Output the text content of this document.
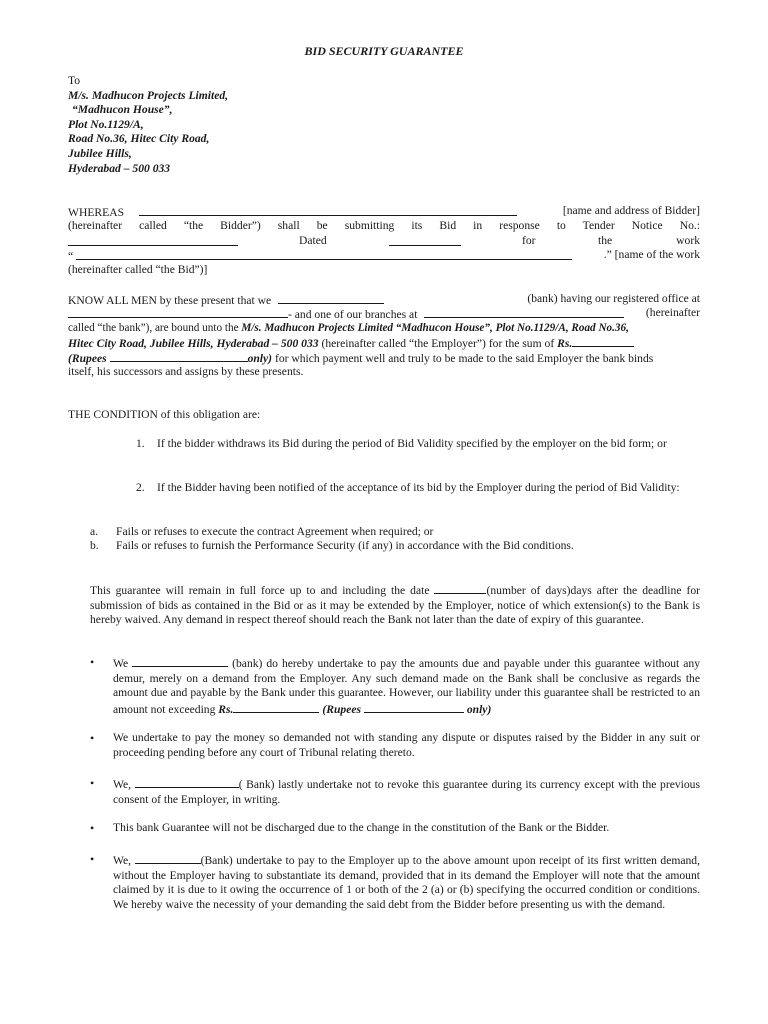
BID SECURITY GUARANTEE
To
M/s. Madhucon Projects Limited,
“Madhucon House”,
Plot No.1129/A,
Road No.36, Hitec City Road,
Jubilee Hills,
Hyderabad – 500 033
WHEREAS	[name and address of Bidder]
(hereinafter called “the Bidder”) shall be submitting its Bid in response to Tender Notice No.:
Dated	for	the	work
“	.” [name of the work
(hereinafter called “the Bid”)]
KNOW ALL MEN by these present that we	(bank) having our registered office at
- and one of our branches at	(hereinafter
called “the bank”), are bound unto the M/s. Madhucon Projects Limited “Madhucon House”, Plot No.1129/A, Road No.36,
Hitec City Road, Jubilee Hills, Hyderabad – 500 033 (hereinafter called “the Employer”) for the sum of Rs.
(Rupees	only) for which payment well and truly to be made to the said Employer the bank binds
itself, his successors and assigns by these presents.
THE CONDITION of this obligation are:
1. If the bidder withdraws its Bid during the period of Bid Validity specified by the employer on the bid form; or
2. If the Bidder having been notified of the acceptance of its bid by the Employer during the period of Bid Validity:
a. Fails or refuses to execute the contract Agreement when required; or
b. Fails or refuses to furnish the Performance Security (if any) in accordance with the Bid conditions.
This guarantee will remain in full force up to and including the date	(number of days)days after the deadline for submission of bids as contained in the Bid or as it may be extended by the Employer, notice of which extension(s) to the Bank is hereby waived. Any demand in respect thereof should reach the Bank not later than the date of expiry of this guarantee.
• We	(bank) do hereby undertake to pay the amounts due and payable under this guarantee without any demur, merely on a demand from the Employer. Any such demand made on the Bank shall be conclusive as regards the amount due and payable by the Bank under this guarantee. However, our liability under this guarantee shall be restricted to an amount not exceeding Rs.	(Rupees	only)
• We undertake to pay the money so demanded not with standing any dispute or disputes raised by the Bidder in any suit or proceeding pending before any court of Tribunal relating thereto.
• We,	( Bank) lastly undertake not to revoke this guarantee during its currency except with the previous consent of the Employer, in writing.
• This bank Guarantee will not be discharged due to the change in the constitution of the Bank or the Bidder.
• We,	(Bank) undertake to pay to the Employer up to the above amount upon receipt of its first written demand, without the Employer having to substantiate its demand, provided that in its demand the Employer will note that the amount claimed by it is due to it owing the occurrence of 1 or both of the 2 (a) or (b) specifying the occurred condition or conditions. We hereby waive the necessity of your demanding the said debt from the Bidder before presenting us with the demand.
